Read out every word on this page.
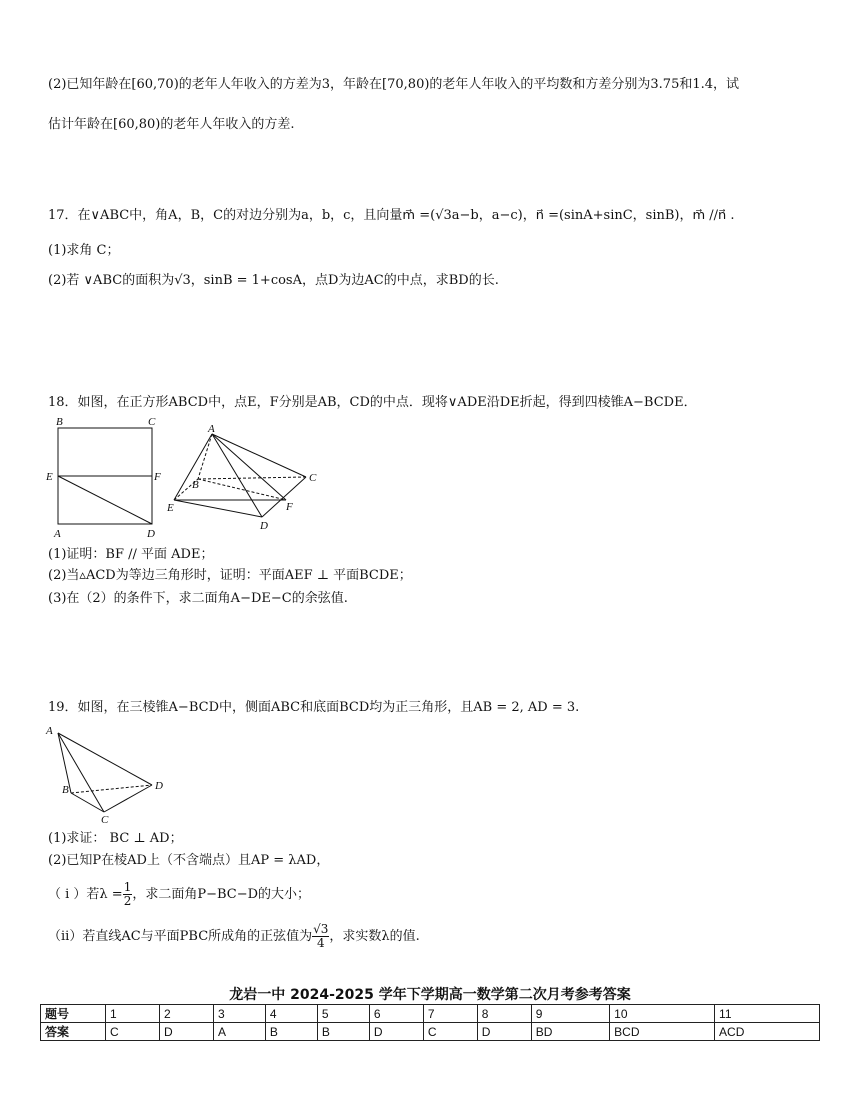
(2)已知年龄在[60,70)的老年人年收入的方差为3，年龄在[70,80)的老年人年收入的平均数和方差分别为3.75和1.4，试
估计年龄在[60,80)的老年人年收入的方差.
17．在∨ABC中，角A，B，C的对边分别为a，b，c，且向量m⃗ =(√3a−b，a−c)，n⃗ =(sinA+sinC，sinB)，m⃗ //n⃗ .
(1)求角 C；
(2)若 ∨ABC的面积为√3，sinB = 1+cosA，点D为边AC的中点，求BD的长.
18．如图，在正方形ABCD中，点E，F分别是AB，CD的中点．现将∨ADE沿DE折起，得到四棱锥A−BCDE．
B	C
E	F
A	D
A
B
C
E	F
D
(1)证明：BF // 平面 ADE；
(2)当▵ACD为等边三角形时，证明：平面AEF ⊥ 平面BCDE；
(3)在（2）的条件下，求二面角A−DE−C的余弦值.
19．如图，在三棱锥A−BCD中，侧面ABC和底面BCD均为正三角形，且AB = 2, AD = 3.
A
B
C
D
(1)求证： BC ⊥ AD；
(2)已知P在棱AD上（不含端点）且AP = λAD，
（ i ）若$\lambda = \frac{1}{2}$ ，求二面角P−BC−D的大小；
（ii）若直线AC与平面PBC所成角的正弦值为 $\frac{√3}{4}$ ，求实数λ的值.
龙岩一中 2024-2025 学年下学期高一数学第二次月考参考答案
题号	1	2	3	4	5	6	7	8	9	10	11
答案	C	D	A	B	B	D	C	D	BD	BCD	ACD
